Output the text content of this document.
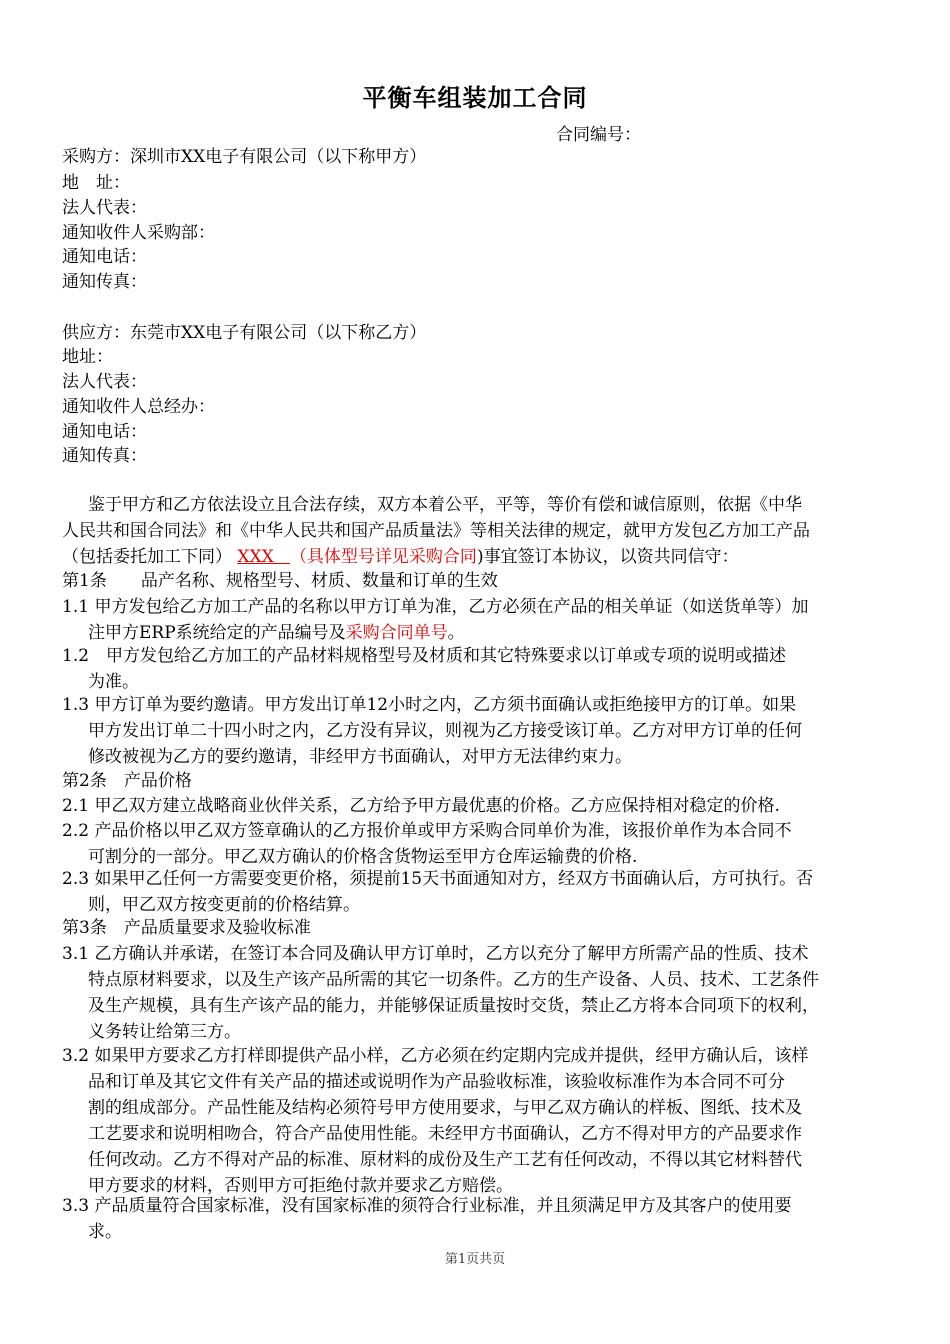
平衡车组装加工合同
合同编号：
采购方：深圳市XX电子有限公司（以下称甲方）
地　址：
法人代表：
通知收件人采购部：
通知电话：
通知传真：
供应方：东莞市XX电子有限公司（以下称乙方）
地址：
法人代表：
通知收件人总经办：
通知电话：
通知传真：
鉴于甲方和乙方依法设立且合法存续，双方本着公平，平等，等价有偿和诚信原则，依据《中华
人民共和国合同法》和《中华人民共和国产品质量法》等相关法律的规定，就甲方发包乙方加工产品
（包括委托加工下同） XXX （具体型号详见采购合同)事宜签订本协议，以资共同信守：
第1条　　品产名称、规格型号、材质、数量和订单的生效
1.1 甲方发包给乙方加工产品的名称以甲方订单为准，乙方必须在产品的相关单证（如送货单等）加
注甲方ERP系统给定的产品编号及采购合同单号。
1.2　甲方发包给乙方加工的产品材料规格型号及材质和其它特殊要求以订单或专项的说明或描述
为准。
1.3 甲方订单为要约邀请。甲方发出订单12小时之内，乙方须书面确认或拒绝接甲方的订单。如果
甲方发出订单二十四小时之内，乙方没有异议，则视为乙方接受该订单。乙方对甲方订单的任何
修改被视为乙方的要约邀请，非经甲方书面确认，对甲方无法律约束力。
第2条　产品价格
2.1 甲乙双方建立战略商业伙伴关系，乙方给予甲方最优惠的价格。乙方应保持相对稳定的价格.
2.2 产品价格以甲乙双方签章确认的乙方报价单或甲方采购合同单价为准，该报价单作为本合同不
可割分的一部分。甲乙双方确认的价格含货物运至甲方仓库运输费的价格.
2.3 如果甲乙任何一方需要变更价格，须提前15天书面通知对方，经双方书面确认后，方可执行。否
则，甲乙双方按变更前的价格结算。
第3条　产品质量要求及验收标准
3.1 乙方确认并承诺，在签订本合同及确认甲方订单时，乙方以充分了解甲方所需产品的性质、技术
特点原材料要求，以及生产该产品所需的其它一切条件。乙方的生产设备、人员、技术、工艺条件
及生产规模，具有生产该产品的能力，并能够保证质量按时交货，禁止乙方将本合同项下的权利，
义务转让给第三方。
3.2 如果甲方要求乙方打样即提供产品小样，乙方必须在约定期内完成并提供，经甲方确认后，该样
品和订单及其它文件有关产品的描述或说明作为产品验收标准，该验收标准作为本合同不可分
割的组成部分。产品性能及结构必须符号甲方使用要求，与甲乙双方确认的样板、图纸、技术及
工艺要求和说明相吻合，符合产品使用性能。未经甲方书面确认，乙方不得对甲方的产品要求作
任何改动。乙方不得对产品的标准、原材料的成份及生产工艺有任何改动，不得以其它材料替代
甲方要求的材料，否则甲方可拒绝付款并要求乙方赔偿。
3.3 产品质量符合国家标准，没有国家标准的须符合行业标准，并且须满足甲方及其客户的使用要
求。
第1页共页
